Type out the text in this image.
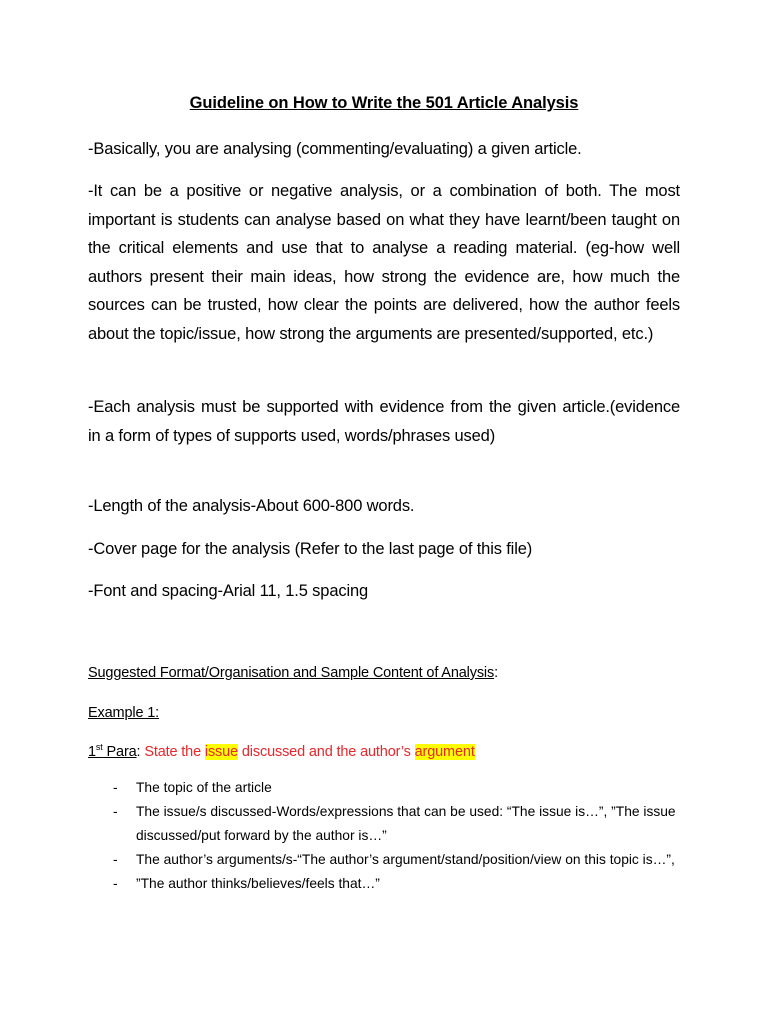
Guideline on How to Write the 501 Article Analysis
-Basically, you are analysing (commenting/evaluating) a given article.
-It can be a positive or negative analysis, or a combination of both. The most important is students can analyse based on what they have learnt/been taught on the critical elements and use that to analyse a reading material. (eg-how well authors present their main ideas, how strong the evidence are, how much the sources can be trusted, how clear the points are delivered, how the author feels about the topic/issue, how strong the arguments are presented/supported, etc.)
-Each analysis must be supported with evidence from the given article.(evidence in a form of types of supports used, words/phrases used)
-Length of the analysis-About 600-800 words.
-Cover page for the analysis (Refer to the last page of this file)
-Font and spacing-Arial 11, 1.5 spacing
Suggested Format/Organisation and Sample Content of Analysis:
Example 1:
1st Para: State the issue discussed and the author’s argument
- The topic of the article
- The issue/s discussed-Words/expressions that can be used: “The issue is…”, ”The issue discussed/put forward by the author is…”
- The author’s arguments/s-“The author’s argument/stand/position/view on this topic is…”,
- ”The author thinks/believes/feels that…”
